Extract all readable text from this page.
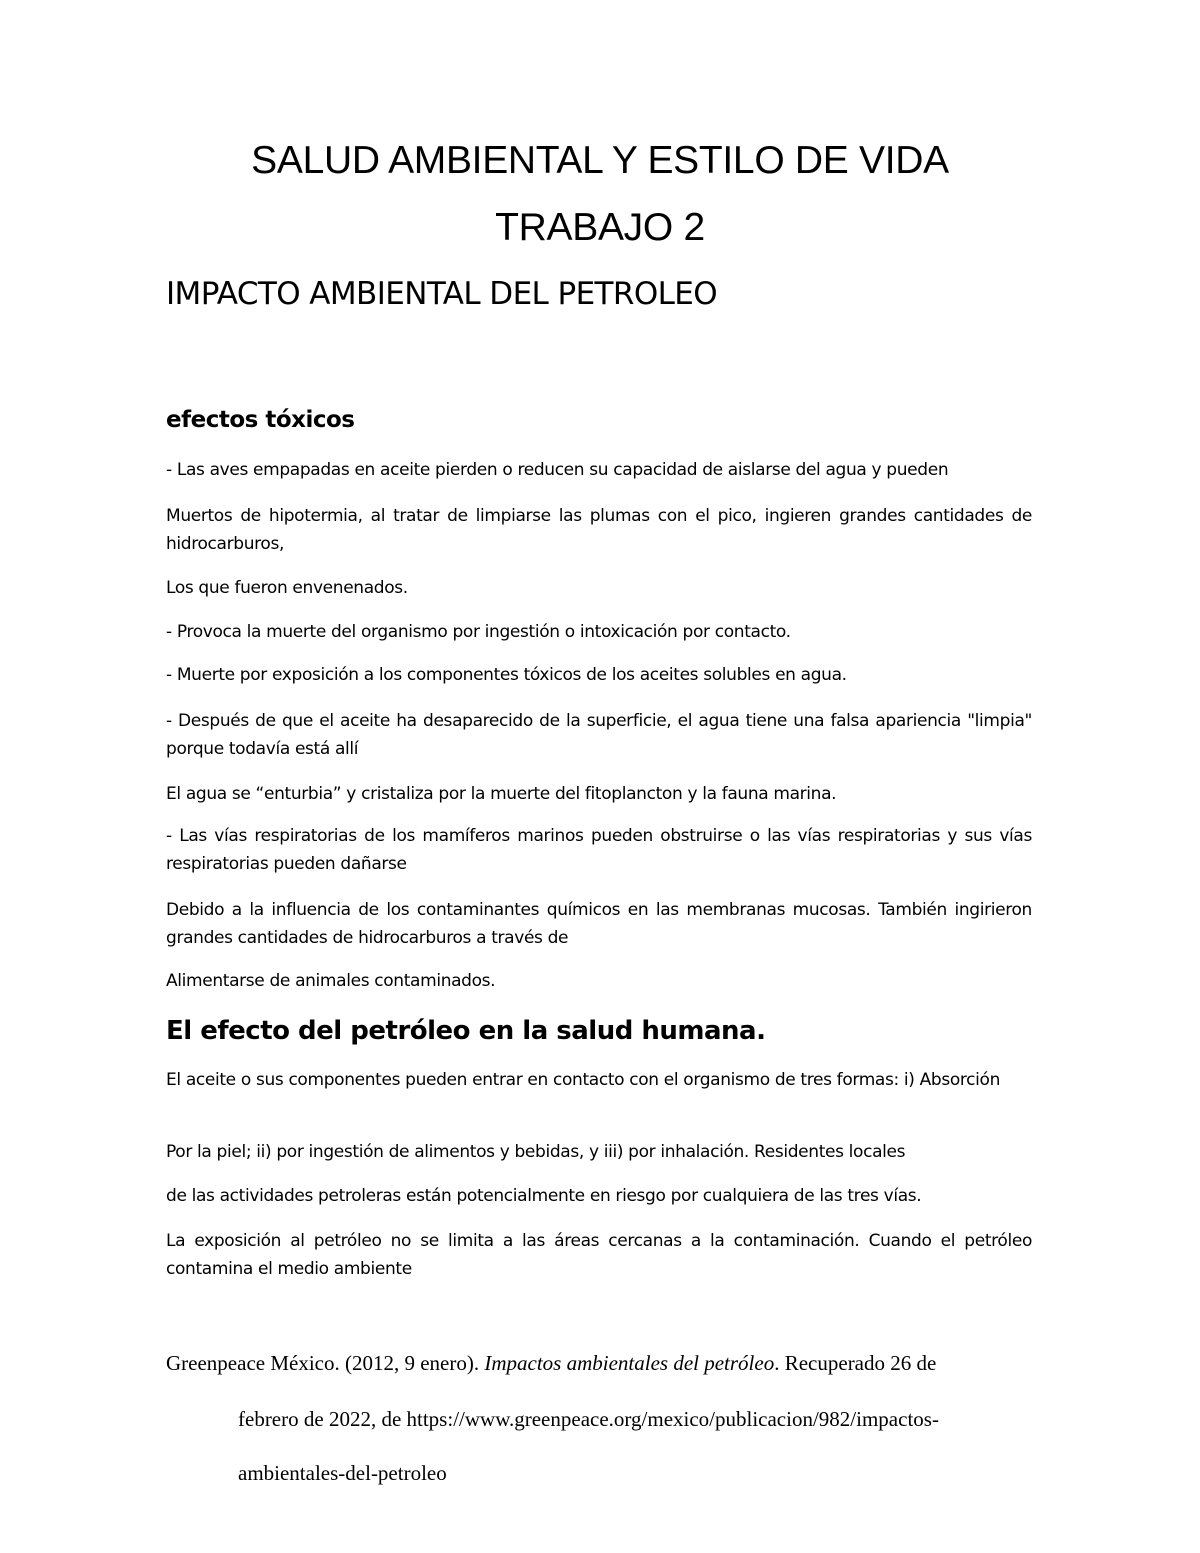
SALUD AMBIENTAL Y ESTILO DE VIDA
TRABAJO 2
IMPACTO AMBIENTAL DEL PETROLEO
efectos tóxicos

- Las aves empapadas en aceite pierden o reducen su capacidad de aislarse del agua y pueden

Muertos de hipotermia, al tratar de limpiarse las plumas con el pico, ingieren grandes cantidades de hidrocarburos,

Los que fueron envenenados.

- Provoca la muerte del organismo por ingestión o intoxicación por contacto.

- Muerte por exposición a los componentes tóxicos de los aceites solubles en agua.

- Después de que el aceite ha desaparecido de la superficie, el agua tiene una falsa apariencia "limpia" porque todavía está allí

El agua se “enturbia” y cristaliza por la muerte del fitoplancton y la fauna marina.

- Las vías respiratorias de los mamíferos marinos pueden obstruirse o las vías respiratorias y sus vías respiratorias pueden dañarse

Debido a la influencia de los contaminantes químicos en las membranas mucosas. También ingirieron grandes cantidades de hidrocarburos a través de

Alimentarse de animales contaminados.

El efecto del petróleo en la salud humana.

El aceite o sus componentes pueden entrar en contacto con el organismo de tres formas: i) Absorción

Por la piel; ii) por ingestión de alimentos y bebidas, y iii) por inhalación. Residentes locales

de las actividades petroleras están potencialmente en riesgo por cualquiera de las tres vías.

La exposición al petróleo no se limita a las áreas cercanas a la contaminación. Cuando el petróleo contamina el medio ambiente

Greenpeace México. (2012, 9 enero). Impactos ambientales del petróleo. Recuperado 26 de
febrero de 2022, de https://www.greenpeace.org/mexico/publicacion/982/impactos-
ambientales-del-petroleo
